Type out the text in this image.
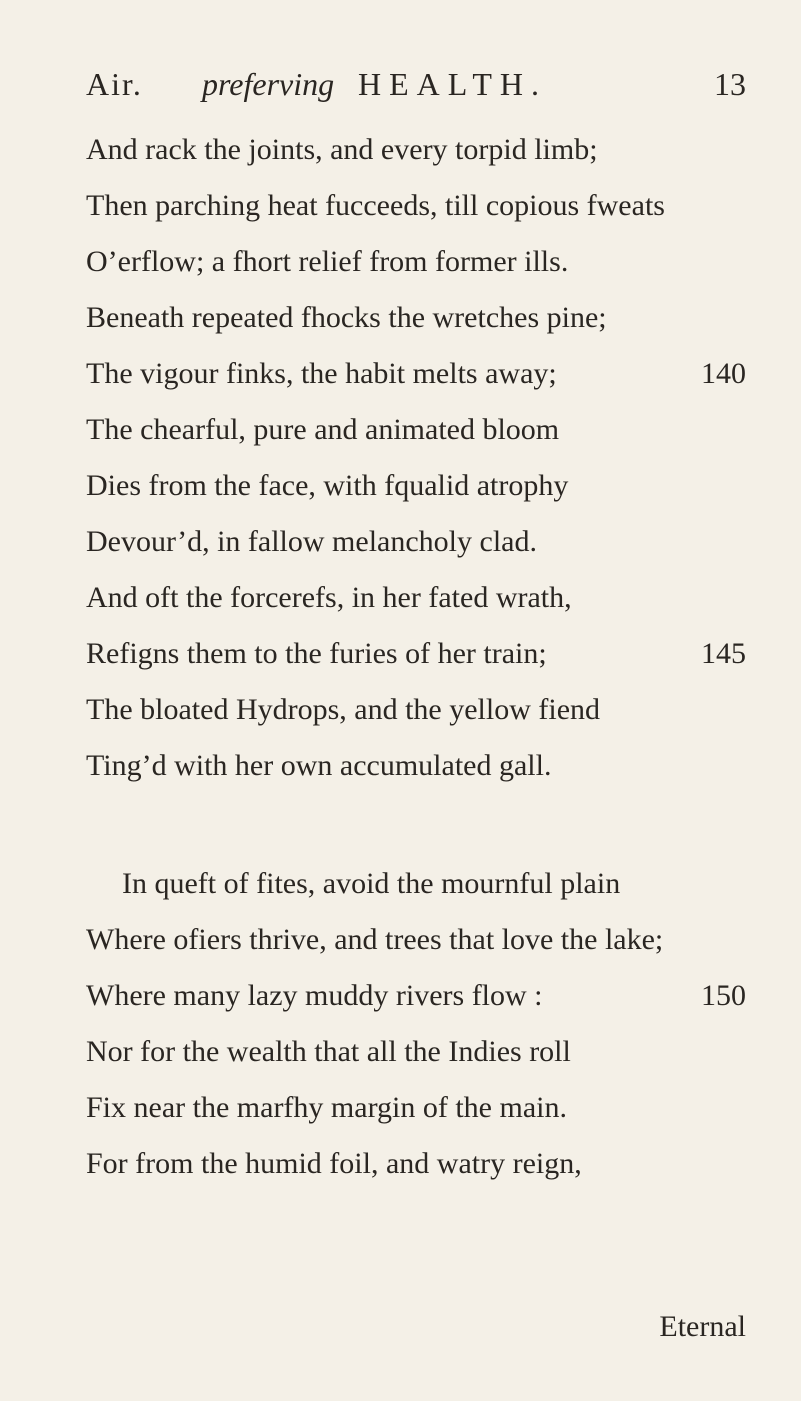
Air. preferving HEALTH.	13
And rack the joints, and every torpid limb;
Then parching heat fucceeds, till copious fweats
O’erflow; a fhort relief from former ills.
Beneath repeated fhocks the wretches pine;
The vigour finks, the habit melts away;	140
The chearful, pure and animated bloom
Dies from the face, with fqualid atrophy
Devour’d, in fallow melancholy clad.
And oft the forcerefs, in her fated wrath,
Refigns them to the furies of her train;	145
The bloated Hydrops, and the yellow fiend
Ting’d with her own accumulated gall.
In queft of fites, avoid the mournful plain
Where ofiers thrive, and trees that love the lake;
Where many lazy muddy rivers flow :	150
Nor for the wealth that all the Indies roll
Fix near the marfhy margin of the main.
For from the humid foil, and watry reign,
Eternal
